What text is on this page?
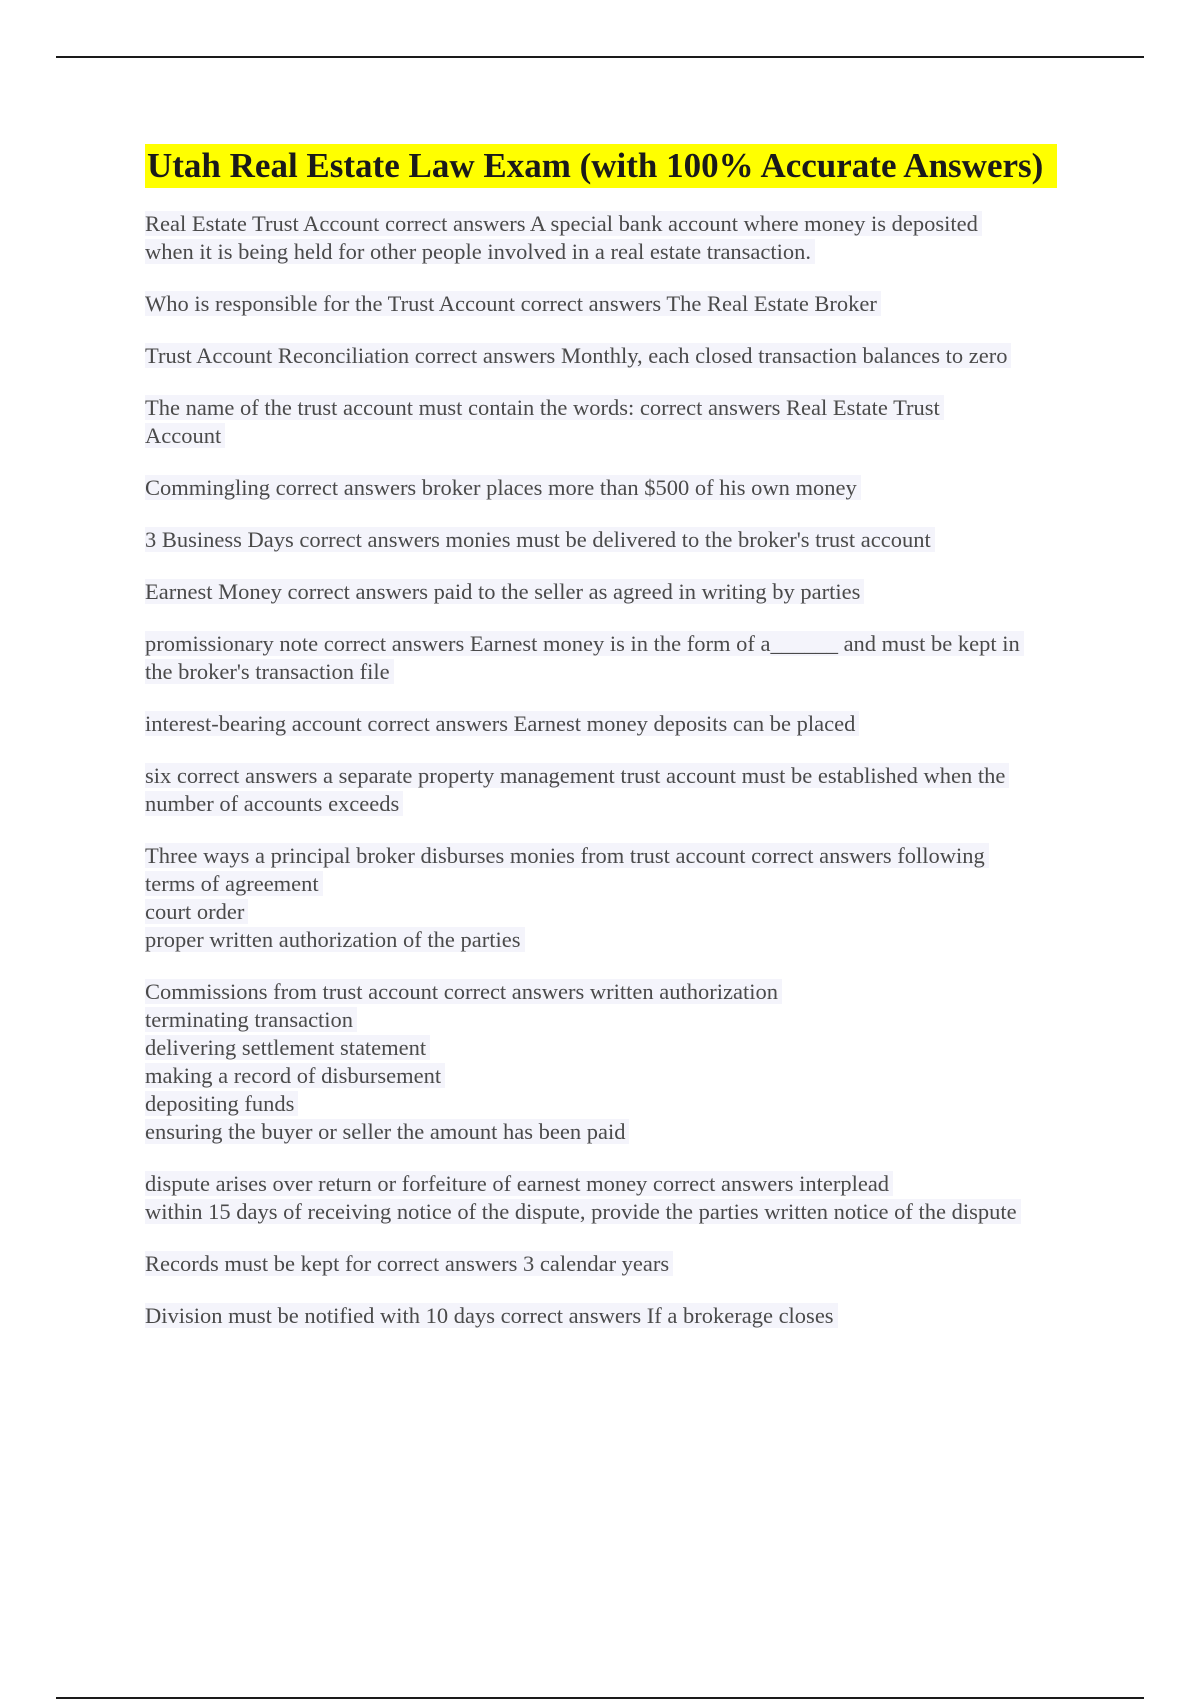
Utah Real Estate Law Exam (with 100% Accurate Answers)
Real Estate Trust Account correct answers A special bank account where money is deposited
when it is being held for other people involved in a real estate transaction.
Who is responsible for the Trust Account correct answers The Real Estate Broker
Trust Account Reconciliation correct answers Monthly, each closed transaction balances to zero
The name of the trust account must contain the words: correct answers Real Estate Trust
Account
Commingling correct answers broker places more than $500 of his own money
3 Business Days correct answers monies must be delivered to the broker's trust account
Earnest Money correct answers paid to the seller as agreed in writing by parties
promissionary note correct answers Earnest money is in the form of a______ and must be kept in
the broker's transaction file
interest-bearing account correct answers Earnest money deposits can be placed
six correct answers a separate property management trust account must be established when the
number of accounts exceeds
Three ways a principal broker disburses monies from trust account correct answers following
terms of agreement
court order
proper written authorization of the parties
Commissions from trust account correct answers written authorization
terminating transaction
delivering settlement statement
making a record of disbursement
depositing funds
ensuring the buyer or seller the amount has been paid
dispute arises over return or forfeiture of earnest money correct answers interplead
within 15 days of receiving notice of the dispute, provide the parties written notice of the dispute
Records must be kept for correct answers 3 calendar years
Division must be notified with 10 days correct answers If a brokerage closes
